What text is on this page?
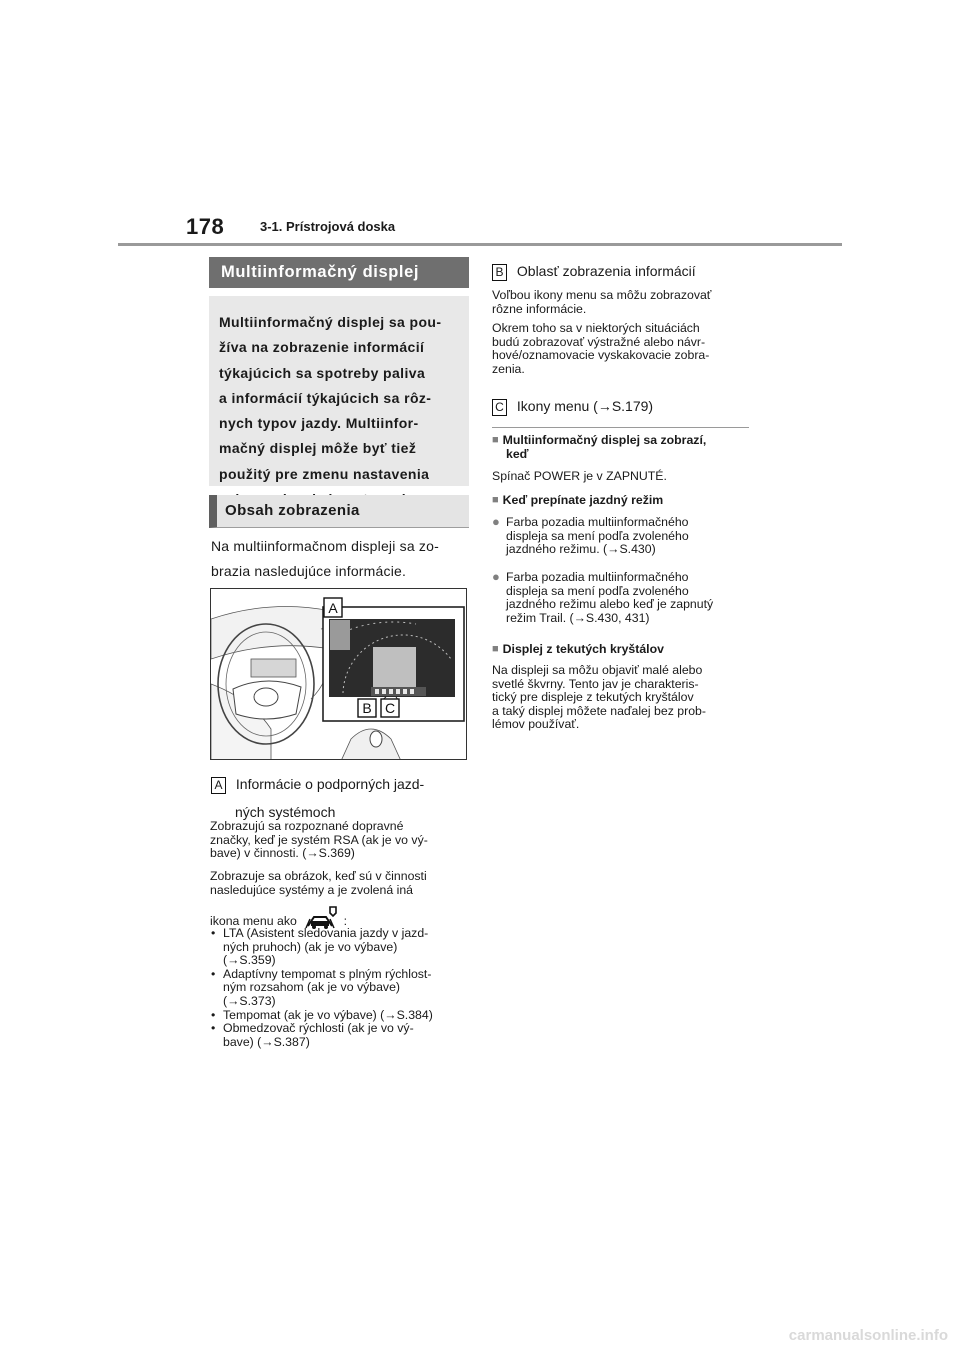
178	3-1. Prístrojová doska
Multiinformačný displej
Multiinformačný displej sa pou-
žíva na zobrazenie informácií
týkajúcich sa spotreby paliva
a informácií týkajúcich sa rôz-
nych typov jazdy. Multiinfor-
mačný displej môže byť tiež
použitý pre zmenu nastavenia
Obsah zobrazenia
Na multiinformačnom displeji sa zo-
brazia nasledujúce informácie.
A
B C
A Informácie o podporných jazd-
ných systémoch
Zobrazujú sa rozpoznané dopravné
značky, keď je systém RSA (ak je vo vý-
bave) v činnosti. (→S.369)
Zobrazuje sa obrázok, keď sú v činnosti
nasledujúce systémy a je zvolená iná
ikona menu ako	:
• LTA (Asistent sledovania jazdy v jazd-
ných pruhoch) (ak je vo výbave)
(→S.359)
• Adaptívny tempomat s plným rýchlost-
ným rozsahom (ak je vo výbave)
(→S.373)
• Tempomat (ak je vo výbave) (→S.384)
• Obmedzovač rýchlosti (ak je vo vý-
bave) (→S.387)
B Oblasť zobrazenia informácií
Voľbou ikony menu sa môžu zobrazovať
rôzne informácie.
Okrem toho sa v niektorých situáciách
budú zobrazovať výstražné alebo návr-
hové/oznamovacie vyskakovacie zobra-
zenia.
C Ikony menu (→S.179)
■ Multiinformačný displej sa zobrazí,
keď
Spínač POWER je v ZAPNUTÉ.
■ Keď prepínate jazdný režim
● Farba pozadia multiinformačného
displeja sa mení podľa zvoleného
jazdného režimu. (→S.430)
● Farba pozadia multiinformačného
displeja sa mení podľa zvoleného
jazdného režimu alebo keď je zapnutý
režim Trail. (→S.430, 431)
■ Displej z tekutých kryštálov
Na displeji sa môžu objaviť malé alebo
svetlé škvrny. Tento jav je charakteris-
tický pre displeje z tekutých kryštálov
a taký displej môžete naďalej bez prob-
lémov používať.
carmanualsonline.info
